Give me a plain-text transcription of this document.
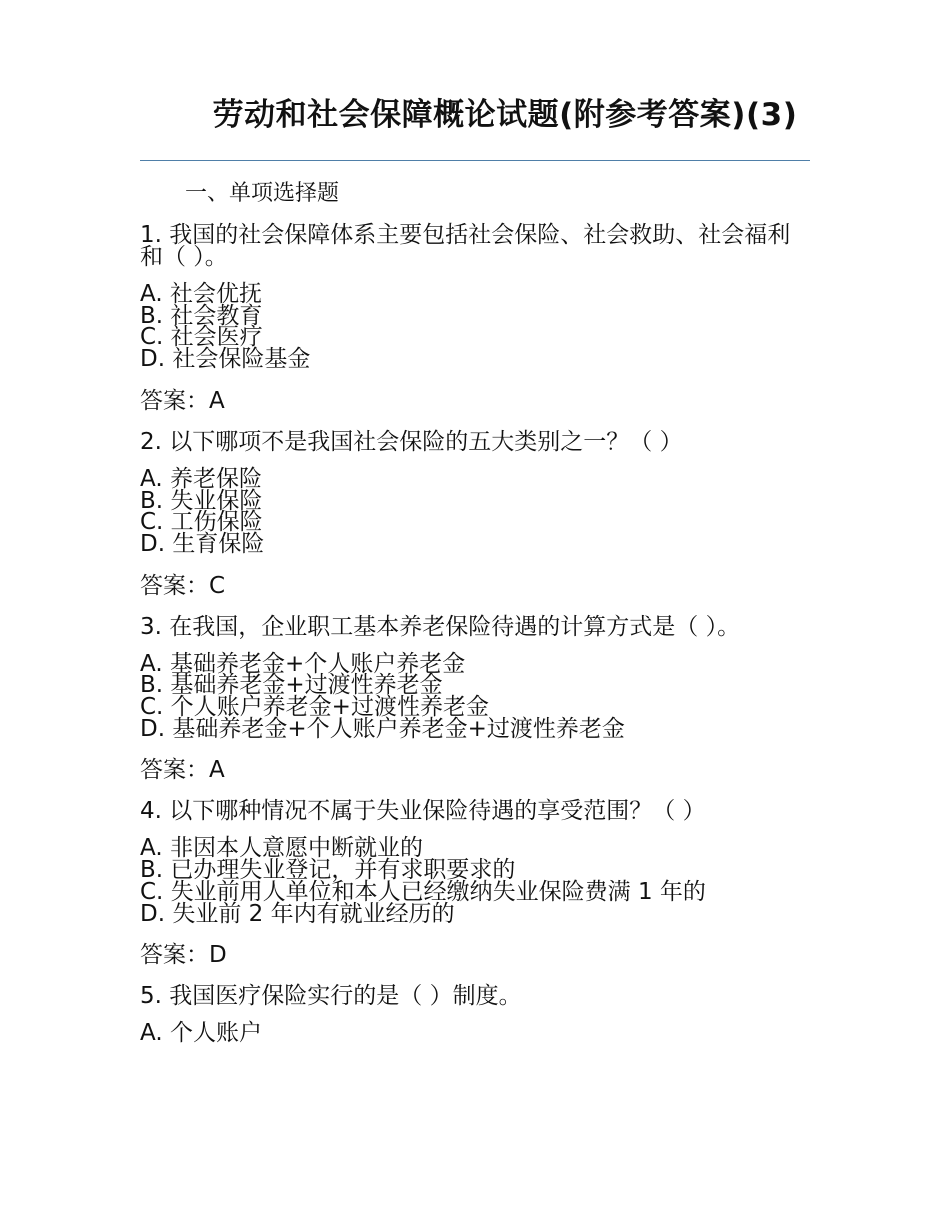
劳动和社会保障概论试题(附参考答案)(3)

一、单项选择题

1. 我国的社会保障体系主要包括社会保险、社会救助、社会福利和（ ）。

A. 社会优抚
B. 社会教育
C. 社会医疗
D. 社会保险基金

答案：A

2. 以下哪项不是我国社会保险的五大类别之一？（ ）

A. 养老保险
B. 失业保险
C. 工伤保险
D. 生育保险

答案：C

3. 在我国，企业职工基本养老保险待遇的计算方式是（ ）。

A. 基础养老金+个人账户养老金
B. 基础养老金+过渡性养老金
C. 个人账户养老金+过渡性养老金
D. 基础养老金+个人账户养老金+过渡性养老金

答案：A

4. 以下哪种情况不属于失业保险待遇的享受范围？（ ）

A. 非因本人意愿中断就业的
B. 已办理失业登记，并有求职要求的
C. 失业前用人单位和本人已经缴纳失业保险费满 1 年的
D. 失业前 2 年内有就业经历的

答案：D

5. 我国医疗保险实行的是（ ）制度。

A. 个人账户
